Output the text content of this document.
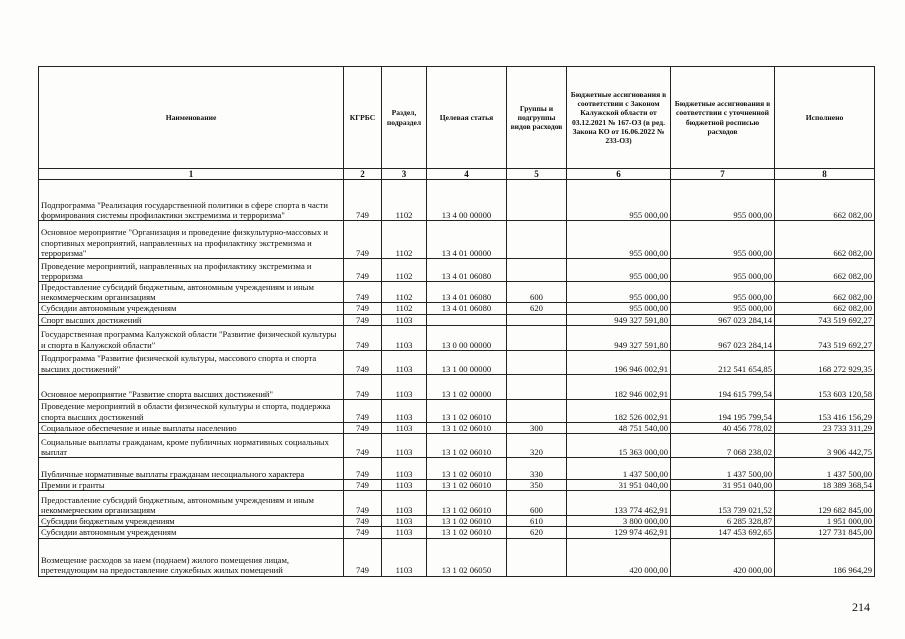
Наименование	КГРБС	Раздел, подраздел	Целевая статья	Группы и подгруппы видов расходов	Бюджетные ассигнования в соответствии с Законом Калужской области от 03.12.2021 № 167-ОЗ (в ред. Закона КО от 16.06.2022 № 233-ОЗ)	Бюджетные ассигнования в соответствии с уточненной бюджетной росписью расходов	Исполнено
1	2	3	4	5	6	7	8
Подпрограмма "Реализация государственной политики в сфере спорта в части формирования системы профилактики экстремизма и терроризма"	749	1102	13 4 00 00000		955 000,00	955 000,00	662 082,00
Основное мероприятие "Организация и проведение физкультурно-массовых и спортивных мероприятий, направленных на профилактику экстремизма и терроризма"	749	1102	13 4 01 00000		955 000,00	955 000,00	662 082,00
Проведение мероприятий, направленных на профилактику экстремизма и терроризма	749	1102	13 4 01 06080		955 000,00	955 000,00	662 082,00
Предоставление субсидий бюджетным, автономным учреждениям и иным некоммерческим организациям	749	1102	13 4 01 06080	600	955 000,00	955 000,00	662 082,00
Субсидии автономным учреждениям	749	1102	13 4 01 06080	620	955 000,00	955 000,00	662 082,00
Спорт высших достижений	749	1103			949 327 591,80	967 023 284,14	743 519 692,27
Государственная программа Калужской области "Развитие физической культуры и спорта в Калужской области"	749	1103	13 0 00 00000		949 327 591,80	967 023 284,14	743 519 692,27
Подпрограмма "Развитие физической культуры, массового спорта и спорта высших достижений"	749	1103	13 1 00 00000		196 946 002,91	212 541 654,85	168 272 929,35
Основное мероприятие "Развитие спорта высших достижений"	749	1103	13 1 02 00000		182 946 002,91	194 615 799,54	153 603 120,58
Проведение мероприятий в области физической культуры и спорта, поддержка спорта высших достижений	749	1103	13 1 02 06010		182 526 002,91	194 195 799,54	153 416 156,29
Социальное обеспечение и иные выплаты населению	749	1103	13 1 02 06010	300	48 751 540,00	40 456 778,02	23 733 311,29
Социальные выплаты гражданам, кроме публичных нормативных социальных выплат	749	1103	13 1 02 06010	320	15 363 000,00	7 068 238,02	3 906 442,75
Публичные нормативные выплаты гражданам несоциального характера	749	1103	13 1 02 06010	330	1 437 500,00	1 437 500,00	1 437 500,00
Премии и гранты	749	1103	13 1 02 06010	350	31 951 040,00	31 951 040,00	18 389 368,54
Предоставление субсидий бюджетным, автономным учреждениям и иным некоммерческим организациям	749	1103	13 1 02 06010	600	133 774 462,91	153 739 021,52	129 682 845,00
Субсидии бюджетным учреждениям	749	1103	13 1 02 06010	610	3 800 000,00	6 285 328,87	1 951 000,00
Субсидии автономным учреждениям	749	1103	13 1 02 06010	620	129 974 462,91	147 453 692,65	127 731 845,00
Возмещение расходов за наем (поднаем) жилого помещения лицам, претендующим на предоставление служебных жилых помещений	749	1103	13 1 02 06050		420 000,00	420 000,00	186 964,29
214
